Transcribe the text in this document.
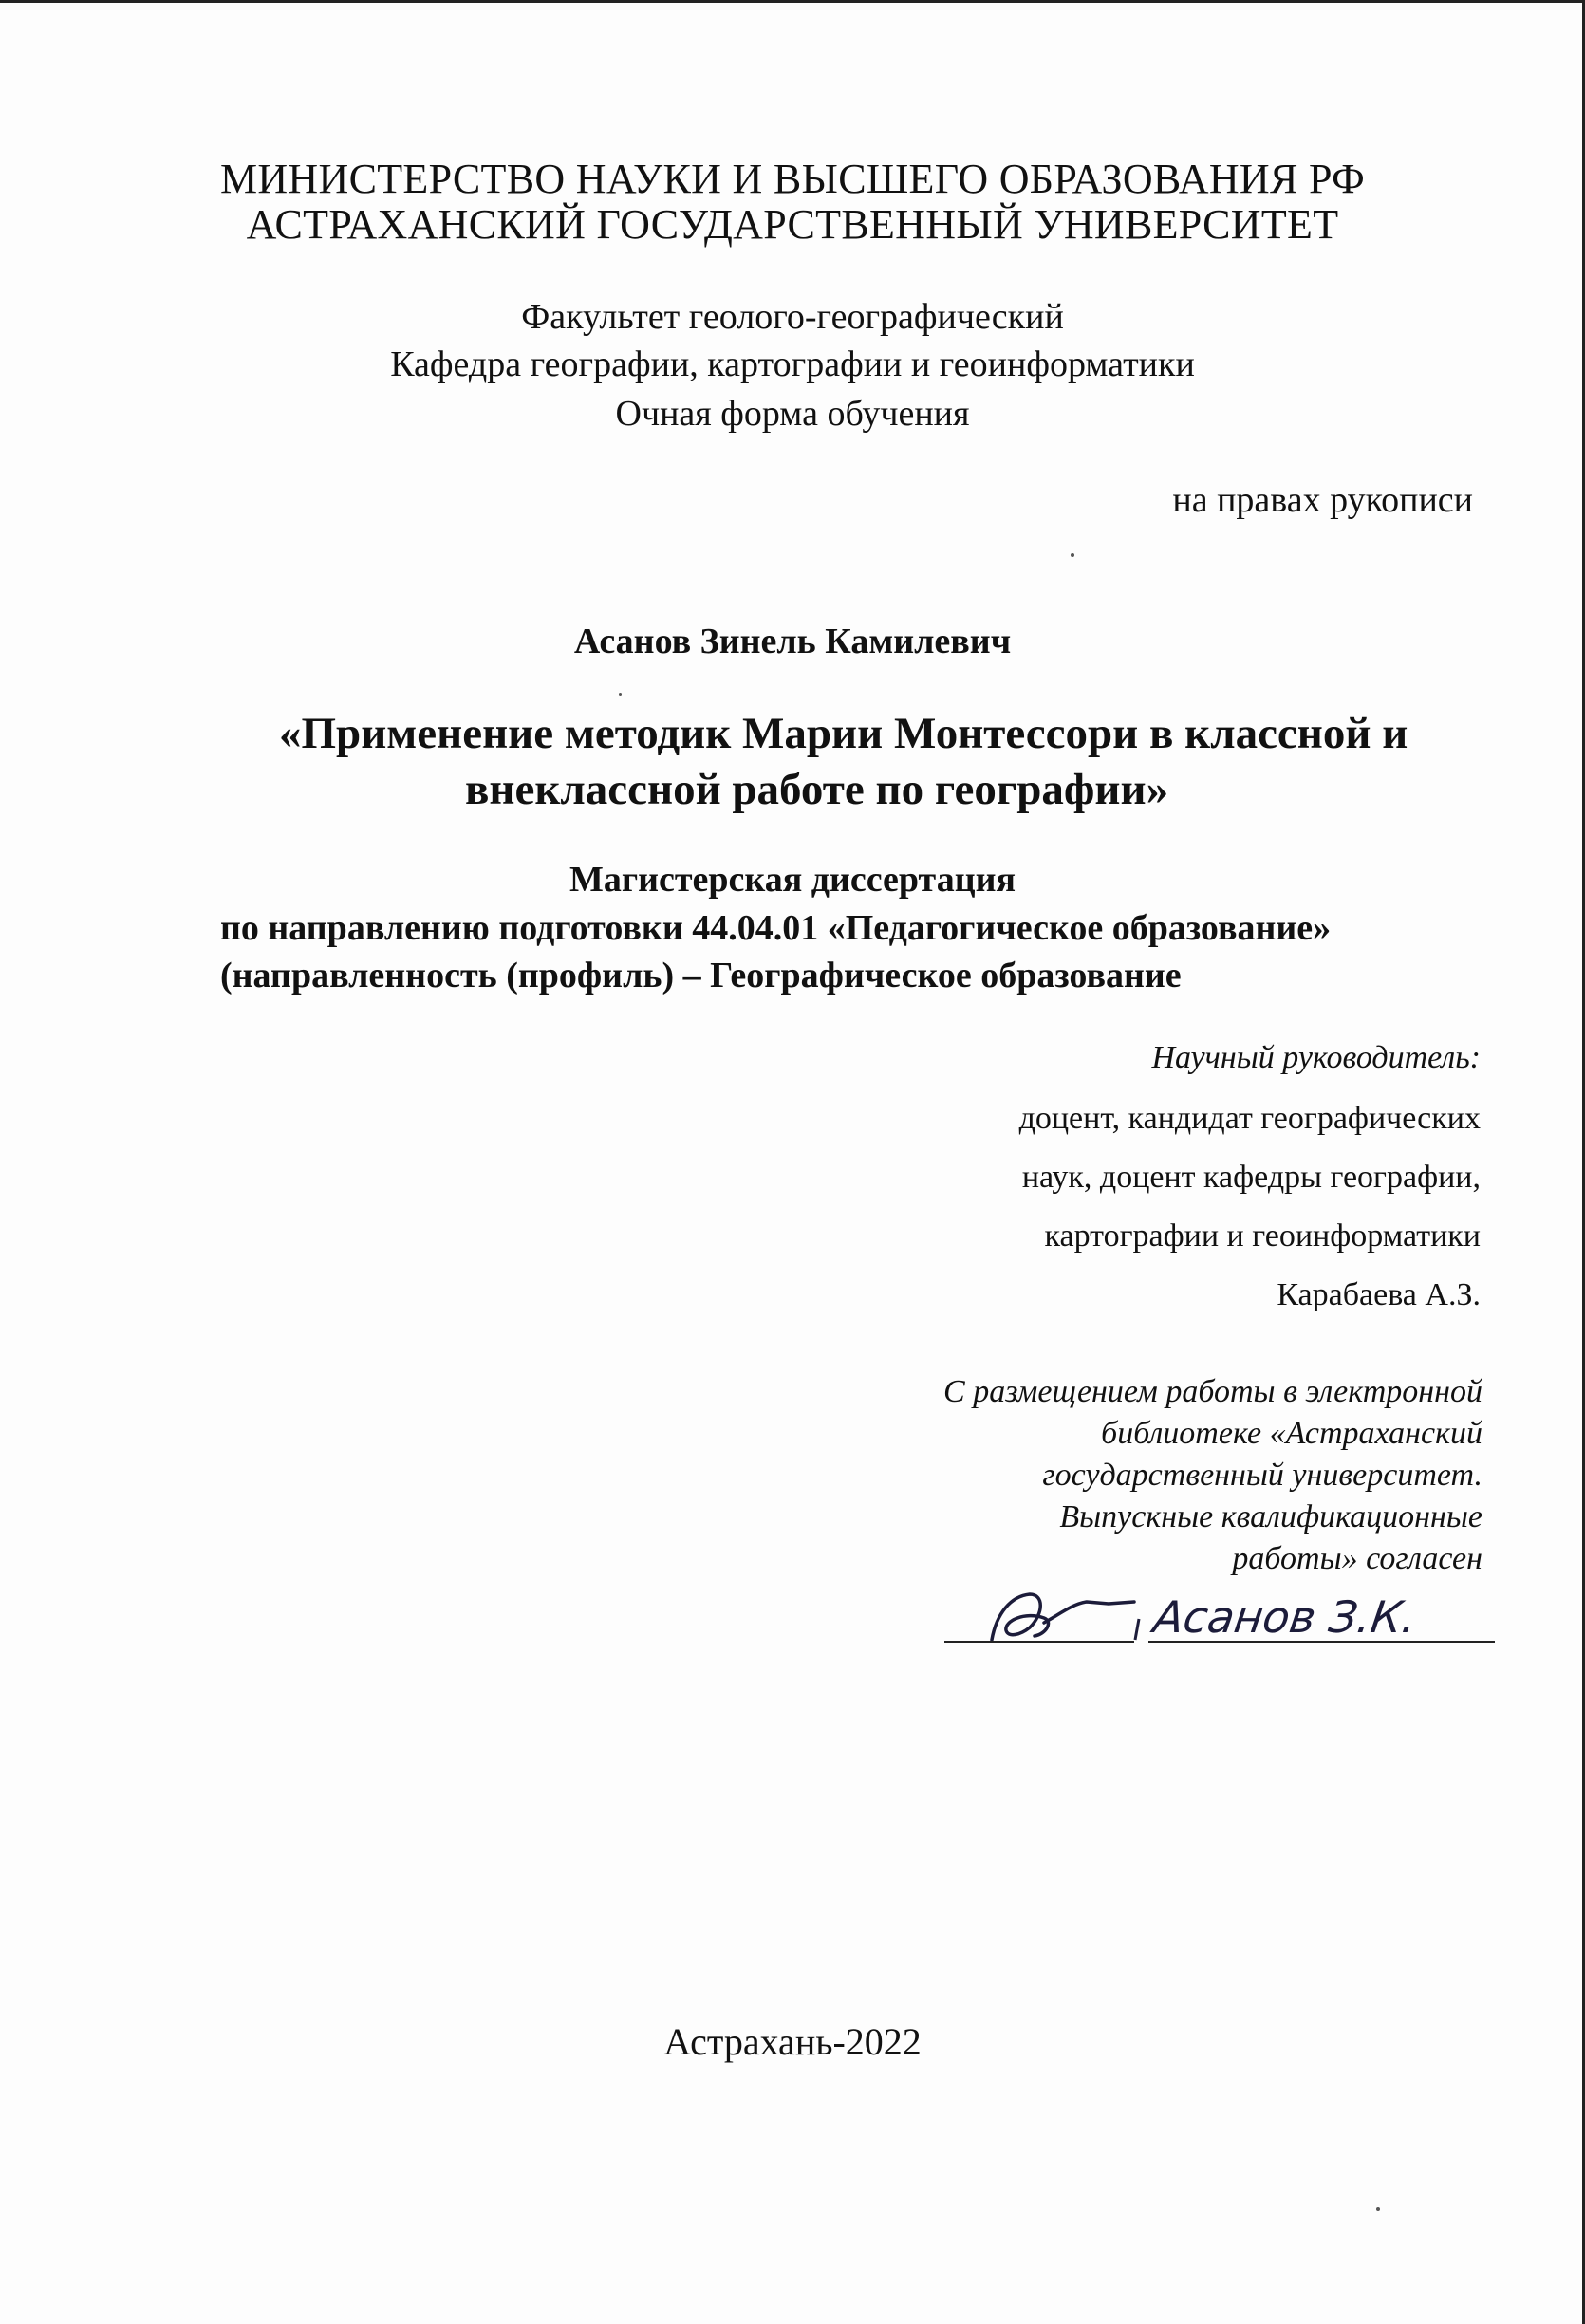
МИНИСТЕРСТВО НАУКИ И ВЫСШЕГО ОБРАЗОВАНИЯ РФ
АСТРАХАНСКИЙ ГОСУДАРСТВЕННЫЙ УНИВЕРСИТЕТ
Факультет геолого-географический
Кафедра географии, картографии и геоинформатики
Очная форма обучения
на правах рукописи
Асанов Зинель Камилевич
«Применение методик Марии Монтессори в классной и
внеклассной работе по географии»
Магистерская диссертация
по направлению подготовки 44.04.01 «Педагогическое образование»
(направленность (профиль) – Географическое образование
Научный руководитель:
доцент, кандидат географических
наук, доцент кафедры географии,
картографии и геоинформатики
Карабаева А.З.
С размещением работы в электронной
библиотеке «Астраханский
государственный университет.
Выпускные квалификационные
работы» согласен
Асанов З.К.
Астрахань-2022
